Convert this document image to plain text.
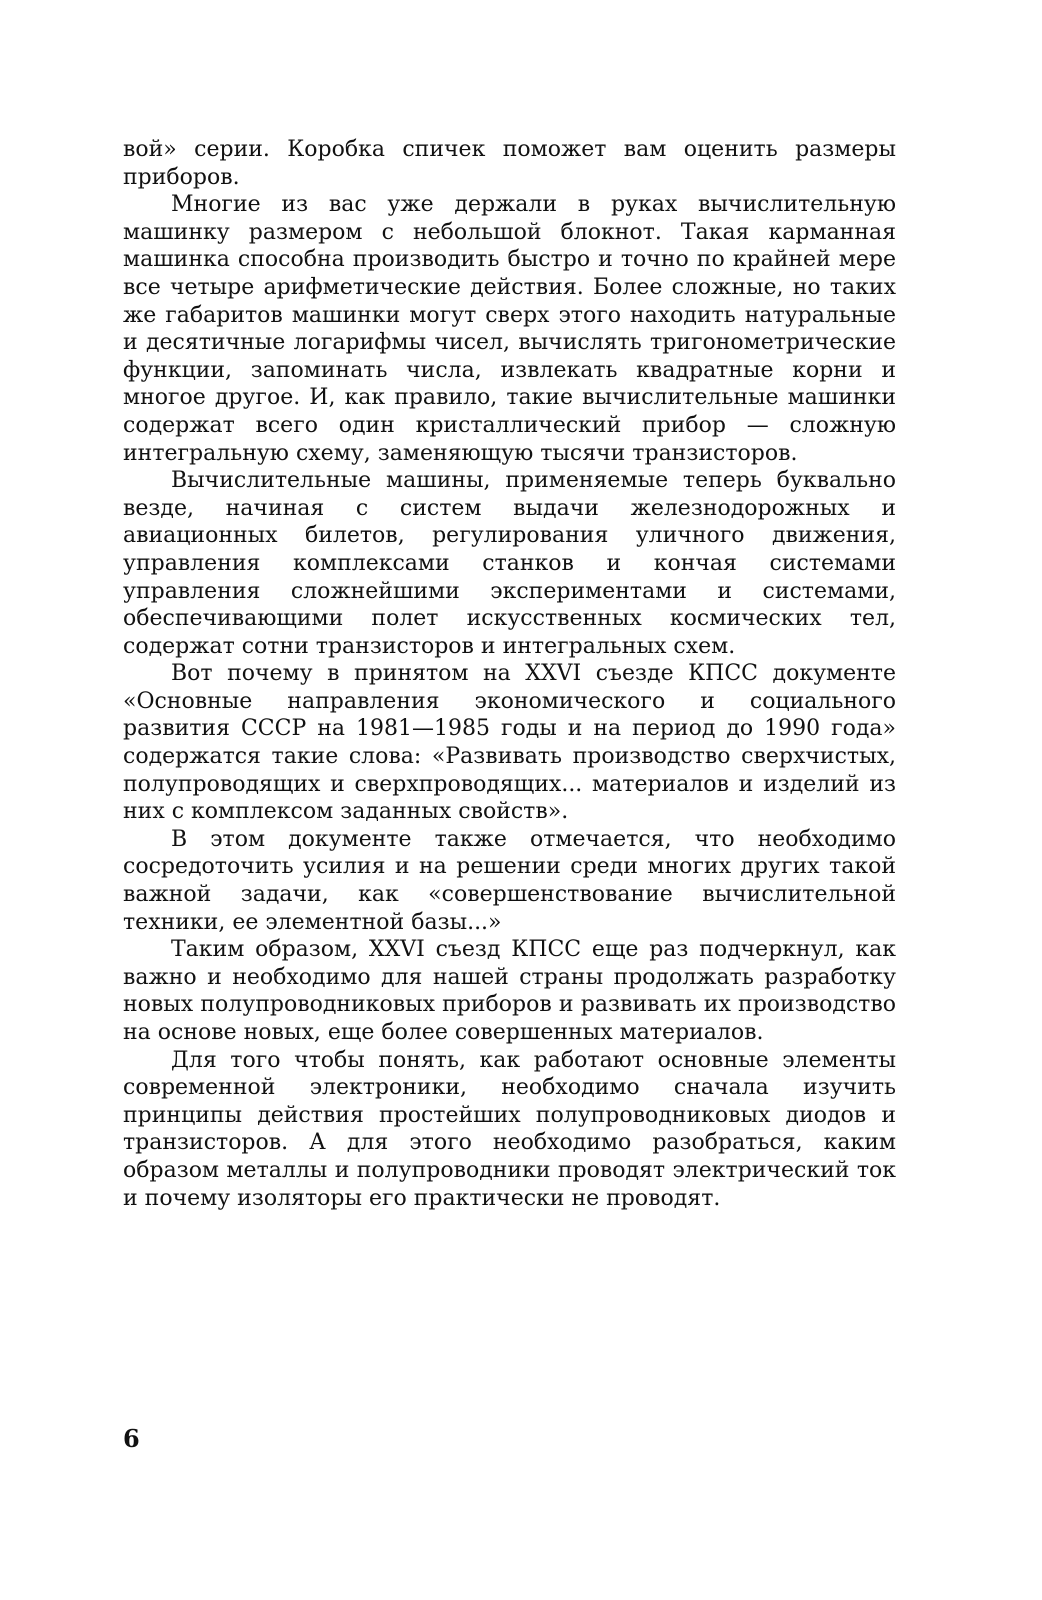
вой» серии. Коробка спичек поможет вам оценить размеры приборов.

Многие из вас уже держали в руках вычислительную машинку размером с небольшой блокнот. Такая карманная машинка способна производить быстро и точно по крайней мере все четыре арифметические действия. Более сложные, но таких же габаритов машинки могут сверх этого находить натуральные и десятичные логарифмы чисел, вычислять тригонометрические функции, запоминать числа, извлекать квадратные корни и многое другое. И, как правило, такие вычислительные машинки содержат всего один кристаллический прибор — сложную интегральную схему, заменяющую тысячи транзисторов.

Вычислительные машины, применяемые теперь буквально везде, начиная с систем выдачи железнодорожных и авиационных билетов, регулирования уличного движения, управления комплексами станков и кончая системами управления сложнейшими экспериментами и системами, обеспечивающими полет искусственных космических тел, содержат сотни транзисторов и интегральных схем.

Вот почему в принятом на XXVI съезде КПСС документе «Основные направления экономического и социального развития СССР на 1981—1985 годы и на период до 1990 года» содержатся такие слова: «Развивать производство сверхчистых, полупроводящих и сверхпроводящих... материалов и изделий из них с комплексом заданных свойств».

В этом документе также отмечается, что необходимо сосредоточить усилия и на решении среди многих других такой важной задачи, как «совершенствование вычислительной техники, ее элементной базы...»

Таким образом, XXVI съезд КПСС еще раз подчеркнул, как важно и необходимо для нашей страны продолжать разработку новых полупроводниковых приборов и развивать их производство на основе новых, еще более совершенных материалов.

Для того чтобы понять, как работают основные элементы современной электроники, необходимо сначала изучить принципы действия простейших полупроводниковых диодов и транзисторов. А для этого необходимо разобраться, каким образом металлы и полупроводники проводят электрический ток и почему изоляторы его практически не проводят.

6
